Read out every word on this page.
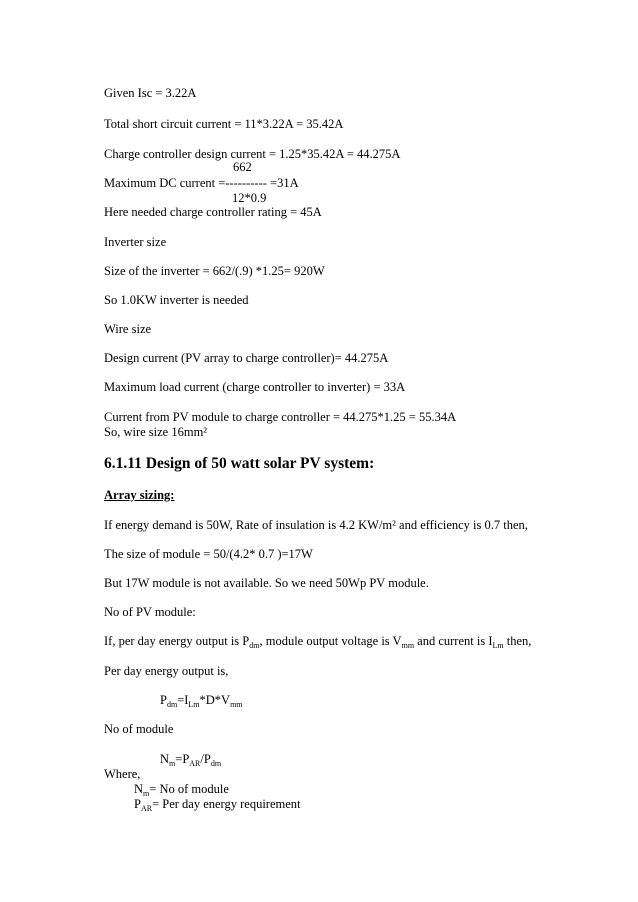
Given Isc = 3.22A
Total short circuit current = 11*3.22A = 35.42A
Charge controller design current = 1.25*35.42A = 44.275A
662
Maximum DC current =---------- =31A
12*0.9
Here needed charge controller rating = 45A
Inverter size
Size of the inverter = 662/(.9) *1.25= 920W
So 1.0KW inverter is needed
Wire size
Design current (PV array to charge controller)= 44.275A
Maximum load current (charge controller to inverter) = 33A
Current from PV module to charge controller = 44.275*1.25 = 55.34A
So, wire size 16mm²
6.1.11 Design of 50 watt solar PV system:
Array sizing:
If energy demand is 50W, Rate of insulation is 4.2 KW/m² and efficiency is 0.7 then,
The size of module = 50/(4.2* 0.7 )=17W
But 17W module is not available. So we need 50Wp PV module.
No of PV module:
If, per day energy output is $P_{dm}$, module output voltage is $V_{mm}$ and current is $I_{Lm}$ then,
Per day energy output is,
$P_{dm}=I_{Lm}*D*V_{mm}$
No of module
$N_m=P_{AR}/P_{dm}$
Where,
$N_m= No$ of module
$P_{AR}=$ Per day energy requirement
